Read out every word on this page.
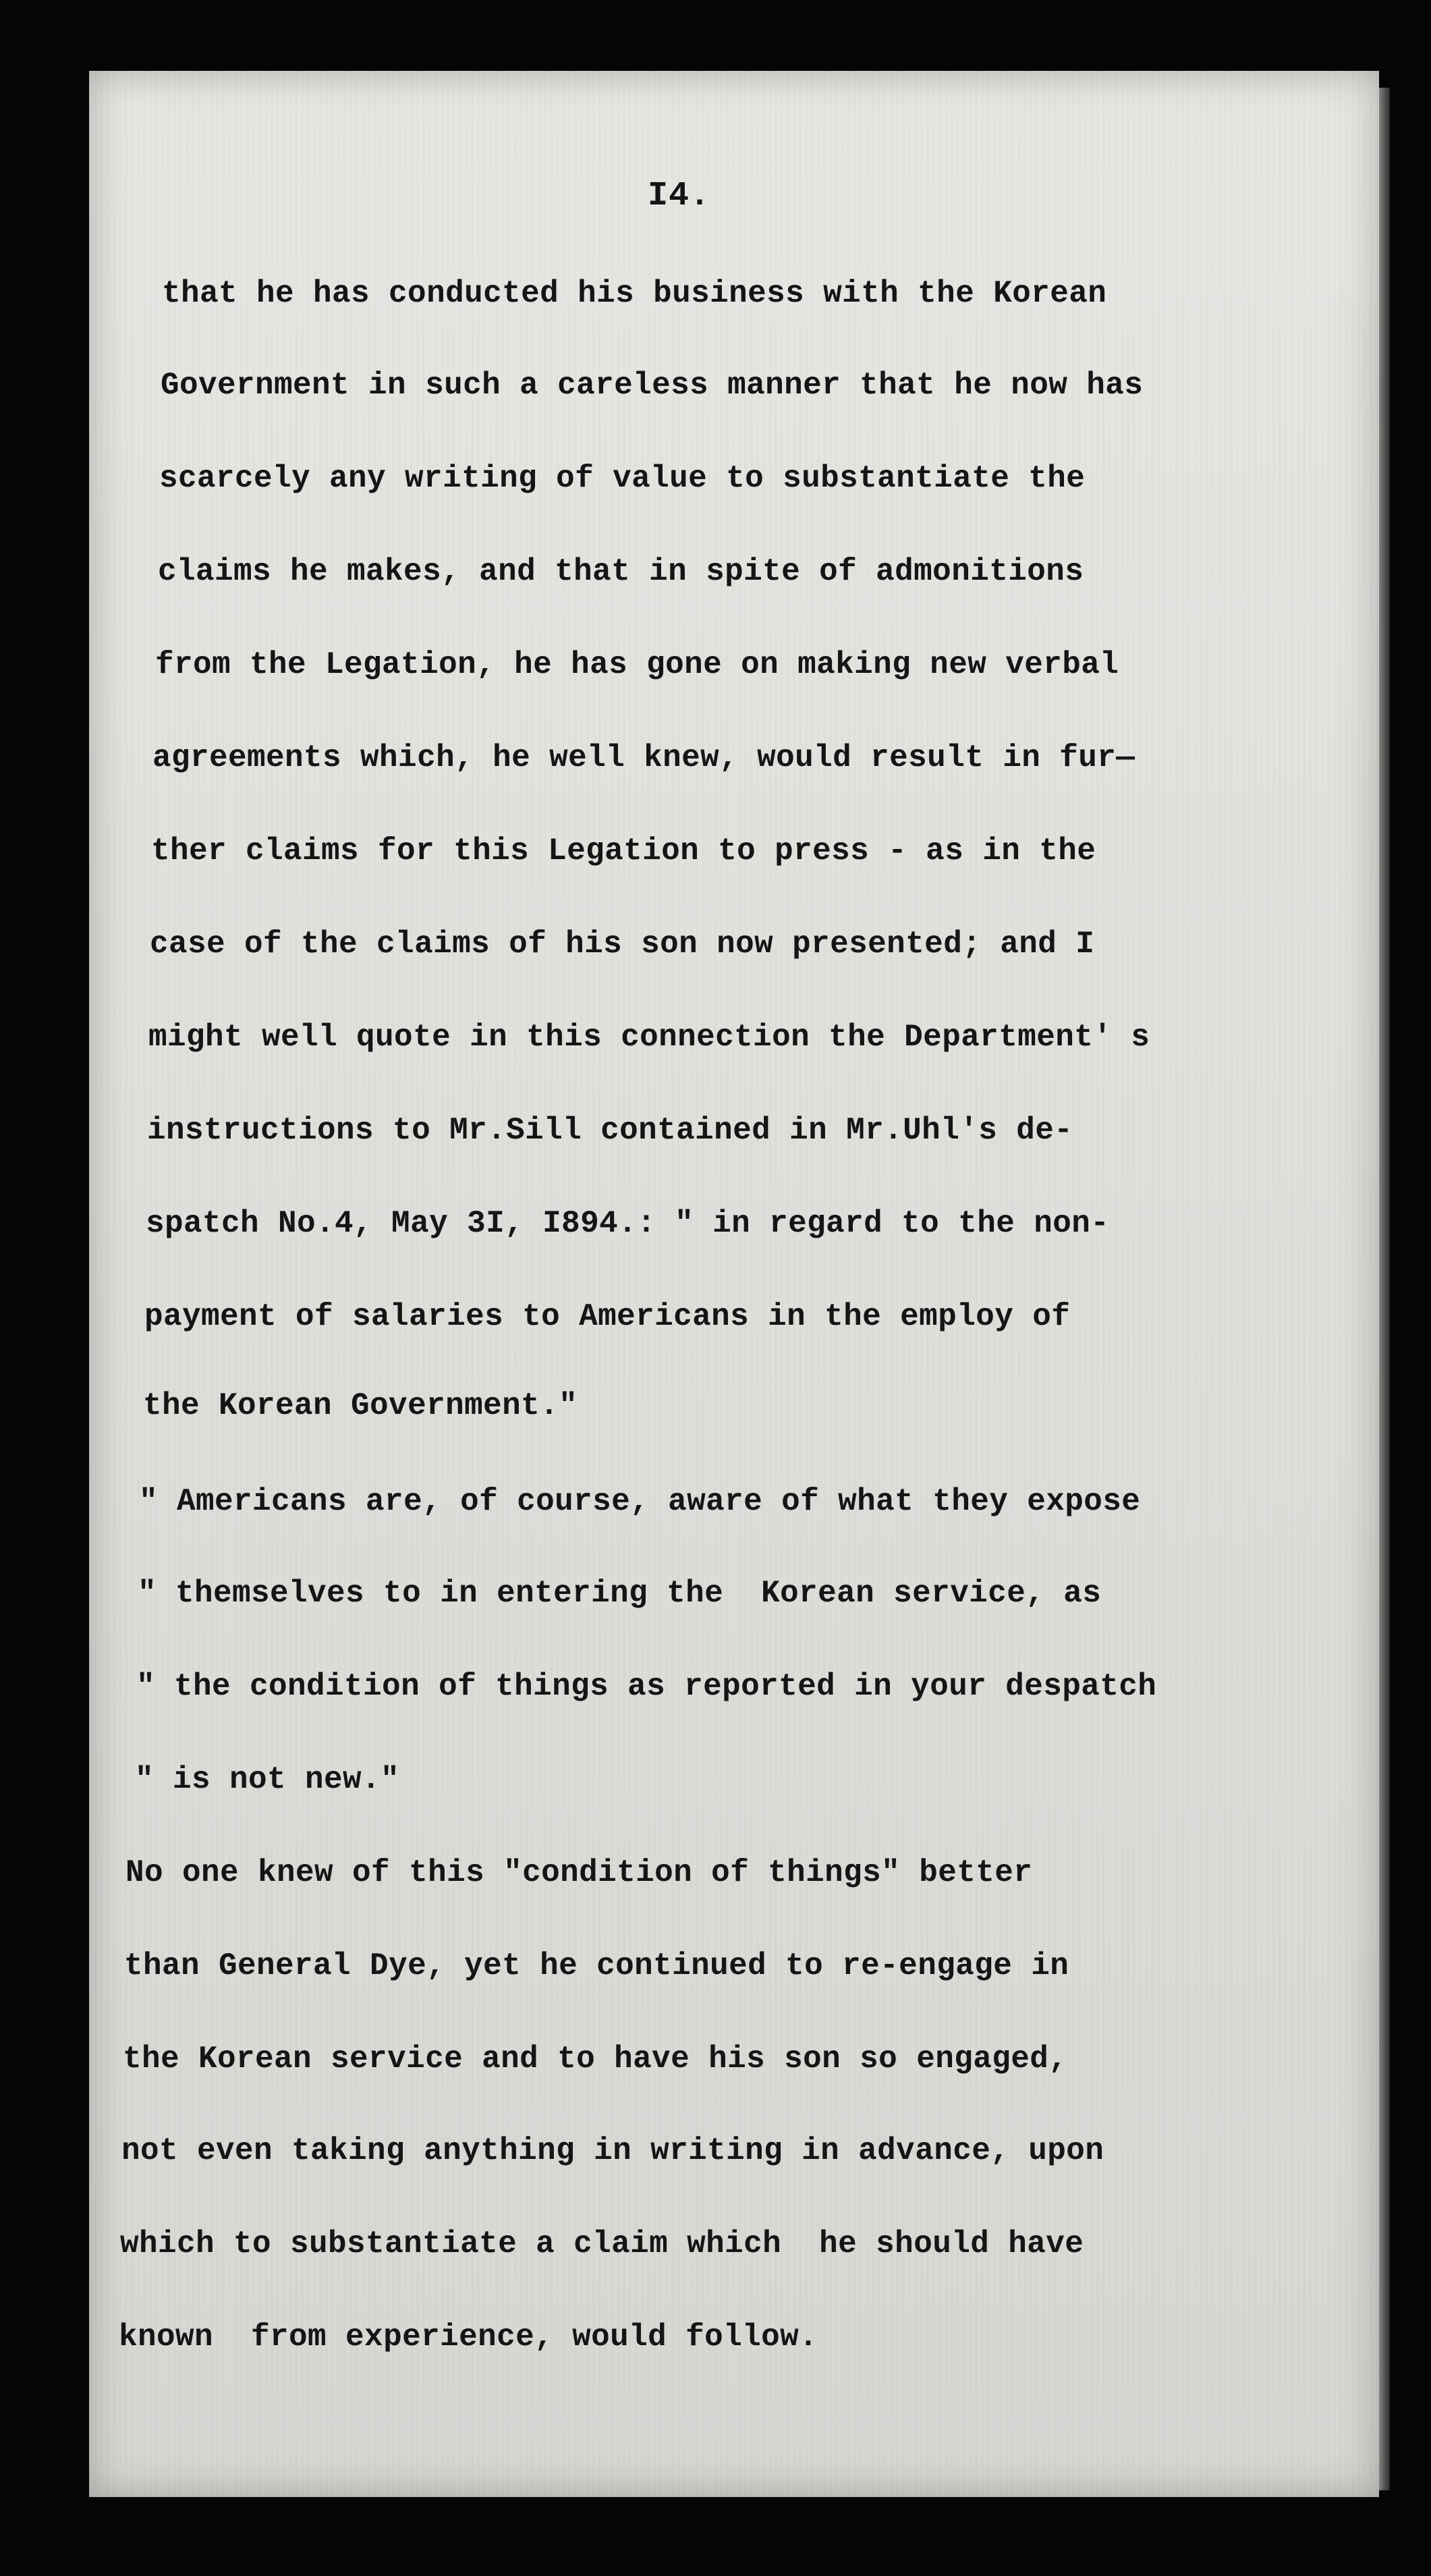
I4.
that he has conducted his business with the Korean
Government in such a careless manner that he now has
scarcely any writing of value to substantiate the
claims he makes, and that in spite of admonitions
from the Legation, he has gone on making new verbal
agreements which, he well knew, would result in fur—
ther claims for this Legation to press - as in the
case of the claims of his son now presented; and I
might well quote in this connection the Department' s
instructions to Mr.Sill contained in Mr.Uhl's de-
spatch No.4, May 3I, I894.: " in regard to the non-
payment of salaries to Americans in the employ of
the Korean Government."
" Americans are, of course, aware of what they expose
" themselves to in entering the  Korean service, as
" the condition of things as reported in your despatch
" is not new."
No one knew of this "condition of things" better
than General Dye, yet he continued to re-engage in
the Korean service and to have his son so engaged,
not even taking anything in writing in advance, upon
which to substantiate a claim which  he should have
known  from experience, would follow.
